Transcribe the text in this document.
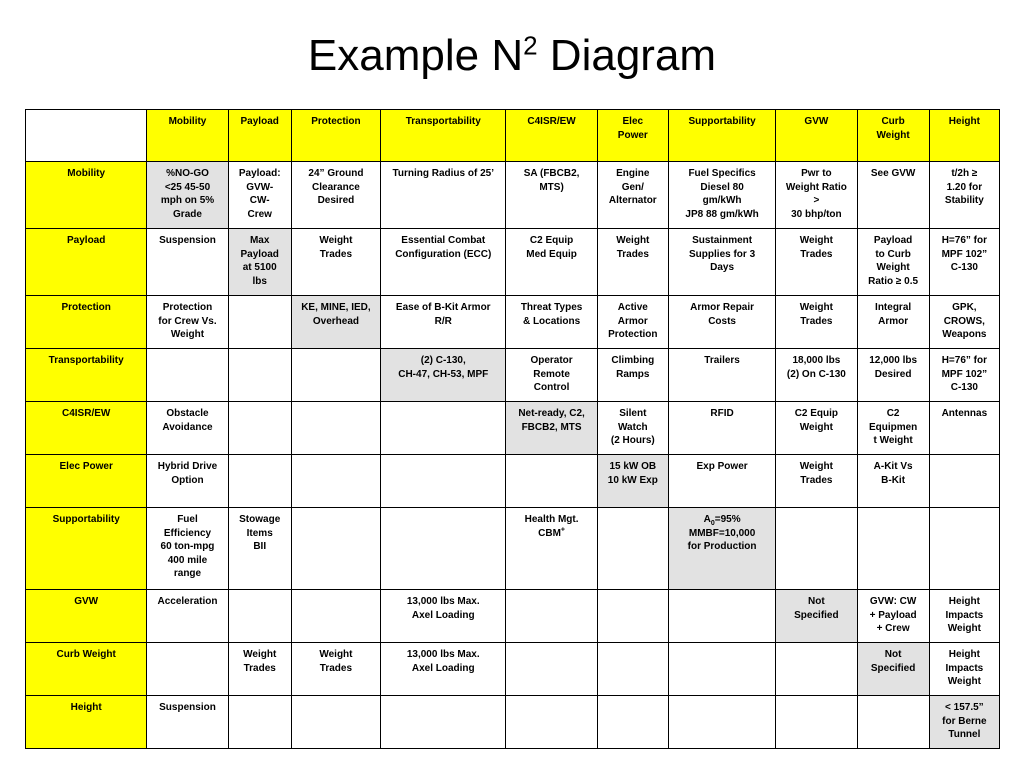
Example $N^2$ Diagram

	Mobility	Payload	Protection	Transportability	C4ISR/EW	Elec
Power	Supportability	GVW	Curb
Weight	Height

Mobility	%NO-GO
<25 45-50
mph on 5%
Grade	Payload:
GVW-
CW-
Crew	24” Ground
Clearance
Desired	Turning Radius of 25’	SA (FBCB2,
MTS)	Engine
Gen/
Alternator	Fuel Specifics
Diesel 80
gm/kWh
JP8 88 gm/kWh	Pwr to
Weight Ratio
>
30 bhp/ton	See GVW	t/2h ≥
1.20 for
Stability

Payload	Suspension	Max
Payload
at 5100
lbs	Weight
Trades	Essential Combat
Configuration (ECC)	C2 Equip
Med Equip	Weight
Trades	Sustainment
Supplies for 3
Days	Weight
Trades	Payload
to Curb
Weight
Ratio ≥ 0.5	H=76” for
MPF 102”
C-130

Protection	Protection
for Crew Vs.
Weight		KE, MINE, IED,
Overhead	Ease of B-Kit Armor
R/R	Threat Types
& Locations	Active
Armor
Protection	Armor Repair
Costs	Weight
Trades	Integral
Armor	GPK,
CROWS,
Weapons

Transportability				(2) C-130,
CH-47, CH-53, MPF	Operator
Remote
Control	Climbing
Ramps	Trailers	18,000 lbs
(2) On C-130	12,000 lbs
Desired	H=76” for
MPF 102”
C-130

C4ISR/EW	Obstacle
Avoidance				Net-ready, C2,
FBCB2, MTS	Silent
Watch
(2 Hours)	RFID	C2 Equip
Weight	C2
Equipmen
t Weight	Antennas

Elec Power	Hybrid Drive
Option					15 kW OB
10 kW Exp	Exp Power	Weight
Trades	A-Kit Vs
B-Kit	

Supportability	Fuel
Efficiency
60 ton-mpg
400 mile
range	Stowage
Items
BII			Health Mgt.
CBM+		$A_0=95\%$
MMBF=10,000
for Production			

GVW	Acceleration			13,000 lbs Max.
Axel Loading				Not
Specified	GVW: CW
+ Payload
+ Crew	Height
Impacts
Weight

Curb Weight		Weight
Trades	Weight
Trades	13,000 lbs Max.
Axel Loading					Not
Specified	Height
Impacts
Weight

Height	Suspension									< 157.5”
for Berne
Tunnel
